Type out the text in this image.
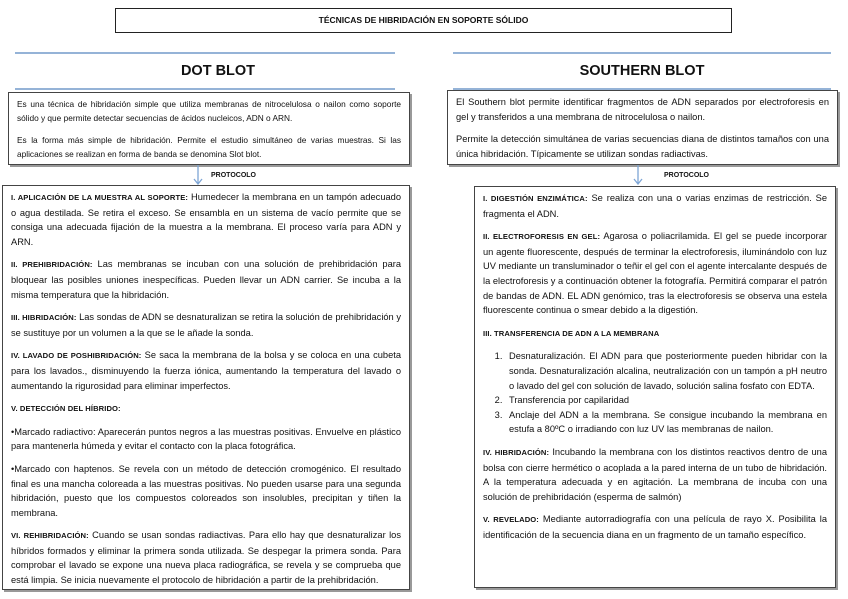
TÉCNICAS DE HIBRIDACIÓN EN SOPORTE SÓLIDO
DOT BLOT	SOUTHERN BLOT

Es una técnica de hibridación simple que utiliza membranas de nitrocelulosa o nailon como soporte sólido y que permite detectar secuencias de ácidos nucleicos, ADN o ARN.

Es la forma más simple de hibridación. Permite el estudio simultáneo de varias muestras. Si las aplicaciones se realizan en forma de banda se denomina Slot blot.

PROTOCOLO

I. APLICACIÓN DE LA MUESTRA AL SOPORTE: Humedecer la membrana en un tampón adecuado o agua destilada. Se retira el exceso. Se ensambla en un sistema de vacío permite que se consiga una adecuada fijación de la muestra a la membrana. El proceso varía para ADN y ARN.

II. PREHIBRIDACIÓN: Las membranas se incuban con una solución de prehibridación para bloquear las posibles uniones inespecíficas. Pueden llevar un ADN carrier. Se incuba a la misma temperatura que la hibridación.

III. HIBRIDACIÓN: Las sondas de ADN se desnaturalizan se retira la solución de prehibridación y se sustituye por un volumen a la que se le añade la sonda.

IV. LAVADO DE POSHIBRIDACIÓN: Se saca la membrana de la bolsa y se coloca en una cubeta para los lavados., disminuyendo la fuerza iónica, aumentando la temperatura del lavado o aumentando la rigurosidad para eliminar imperfectos.

V. DETECCIÓN DEL HÍBRIDO:

•Marcado radiactivo: Aparecerán puntos negros a las muestras positivas. Envuelve en plástico para mantenerla húmeda y evitar el contacto con la placa fotográfica.

•Marcado con haptenos. Se revela con un método de detección cromogénico. El resultado final es una mancha coloreada a las muestras positivas. No pueden usarse para una segunda hibridación, puesto que los compuestos coloreados son insolubles, precipitan y tiñen la membrana.

VI. REHIBRIDACIÓN: Cuando se usan sondas radiactivas. Para ello hay que desnaturalizar los híbridos formados y eliminar la primera sonda utilizada. Se despegar la primera sonda. Para comprobar el lavado se expone una nueva placa radiográfica, se revela y se comprueba que está limpia. Se inicia nuevamente el protocolo de hibridación a partir de la prehibridación.

El Southern blot permite identificar fragmentos de ADN separados por electroforesis en gel y transferidos a una membrana de nitrocelulosa o nailon.

Permite la detección simultánea de varias secuencias diana de distintos tamaños con una única hibridación. Típicamente se utilizan sondas radiactivas.

PROTOCOLO

I. DIGESTIÓN ENZIMÁTICA: Se realiza con una o varias enzimas de restricción. Se fragmenta el ADN.

II. ELECTROFORESIS EN GEL: Agarosa o poliacrilamida. El gel se puede incorporar un agente fluorescente, después de terminar la electroforesis, iluminándolo con luz UV mediante un transluminador o teñir el gel con el agente intercalante después de la electroforesis y a continuación obtener la fotografía. Permitirá comparar el patrón de bandas de ADN. EL ADN genómico, tras la electroforesis se observa una estela fluorescente continua o smear debido a la digestión.

III. TRANSFERENCIA DE ADN A LA MEMBRANA

1. Desnaturalización. El ADN para que posteriormente pueden hibridar con la sonda. Desnaturalización alcalina, neutralización con un tampón a pH neutro o lavado del gel con solución de lavado, solución salina fosfato con EDTA.
2. Transferencia por capilaridad
3. Anclaje del ADN a la membrana. Se consigue incubando la membrana en estufa a 80ºC o irradiando con luz UV las membranas de nailon.

IV. HIBRIDACIÓN: Incubando la membrana con los distintos reactivos dentro de una bolsa con cierre hermético o acoplada a la pared interna de un tubo de hibridación. A la temperatura adecuada y en agitación. La membrana de incuba con una solución de prehibridación (esperma de salmón)

V. REVELADO: Mediante autorradiografía con una película de rayo X. Posibilita la identificación de la secuencia diana en un fragmento de un tamaño específico.
